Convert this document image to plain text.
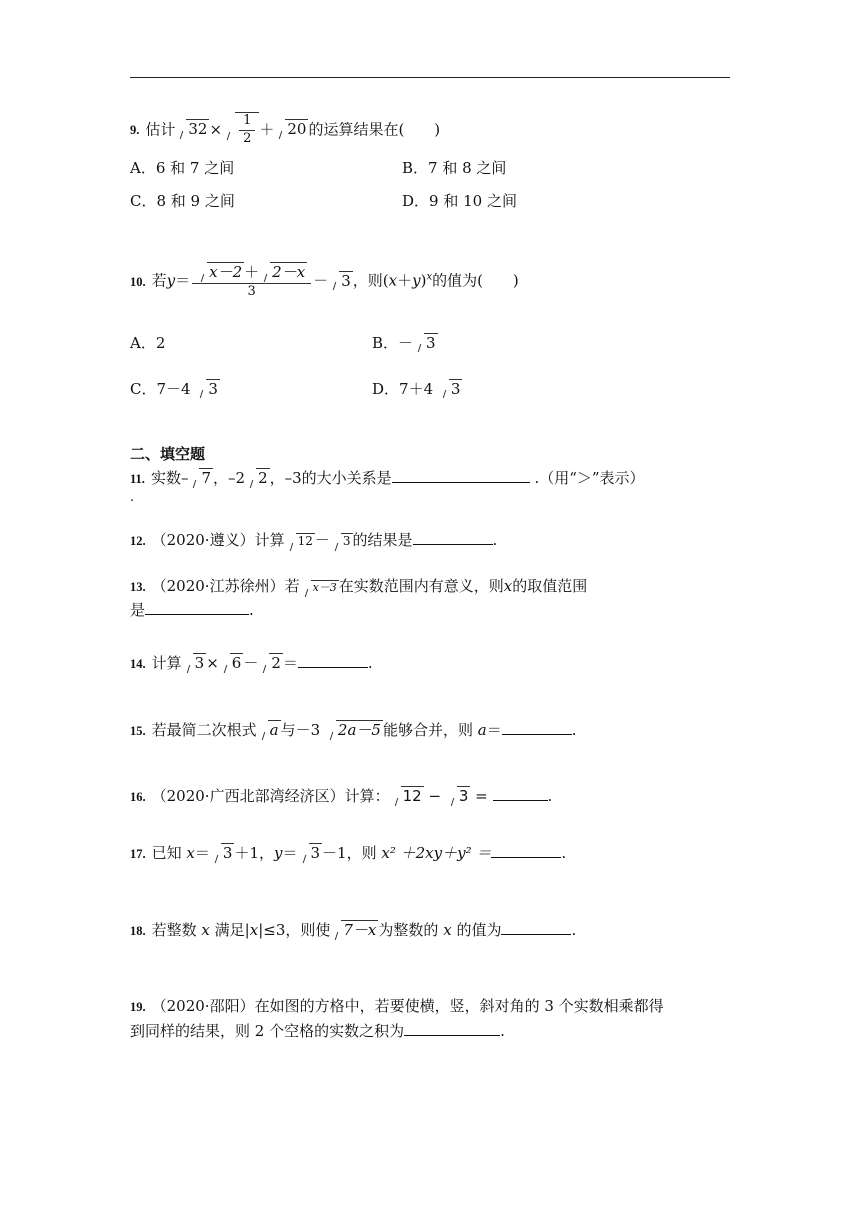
9. 估计 $32 \times \frac{1}{2} + 20$ 的运算结果在(　　)
A．6 和 7 之间	B．7 和 8 之间
C．8 和 9 之间	D．9 和 10 之间
10. 若$y= \frac{x-2 + 2-x}{3} - 3$ ，则$(x+y)^x$的值为(　　)
A．2	B．－ 3
C．7－4 3	D．7＋4 3
二、填空题
11. 实数– 7 ，–2 2 ，–3的大小关系是	.（用“＞”表示）
.
12. （2020·遵义）计算 12 － 3 的结果是	.
13. （2020·江苏徐州）若 x－3 在实数范围内有意义，则x的取值范围
是	.
14. 计算 3 × 6 － 2 ＝	.
15. 若最简二次根式 a 与－3 2a－5 能够合并，则 a＝	.
16. （2020·广西北部湾经济区）计算： 12 − 3 =	.
17. 已知 x＝ 3 ＋1，y＝ 3 －1，则 x² ＋2xy＋y² ＝	.
18. 若整数 x 满足|x|≤3，则使 7－x 为整数的 x 的值为	.
19. （2020·邵阳）在如图的方格中，若要使横，竖，斜对角的 3 个实数相乘都得
到同样的结果，则 2 个空格的实数之积为	.
